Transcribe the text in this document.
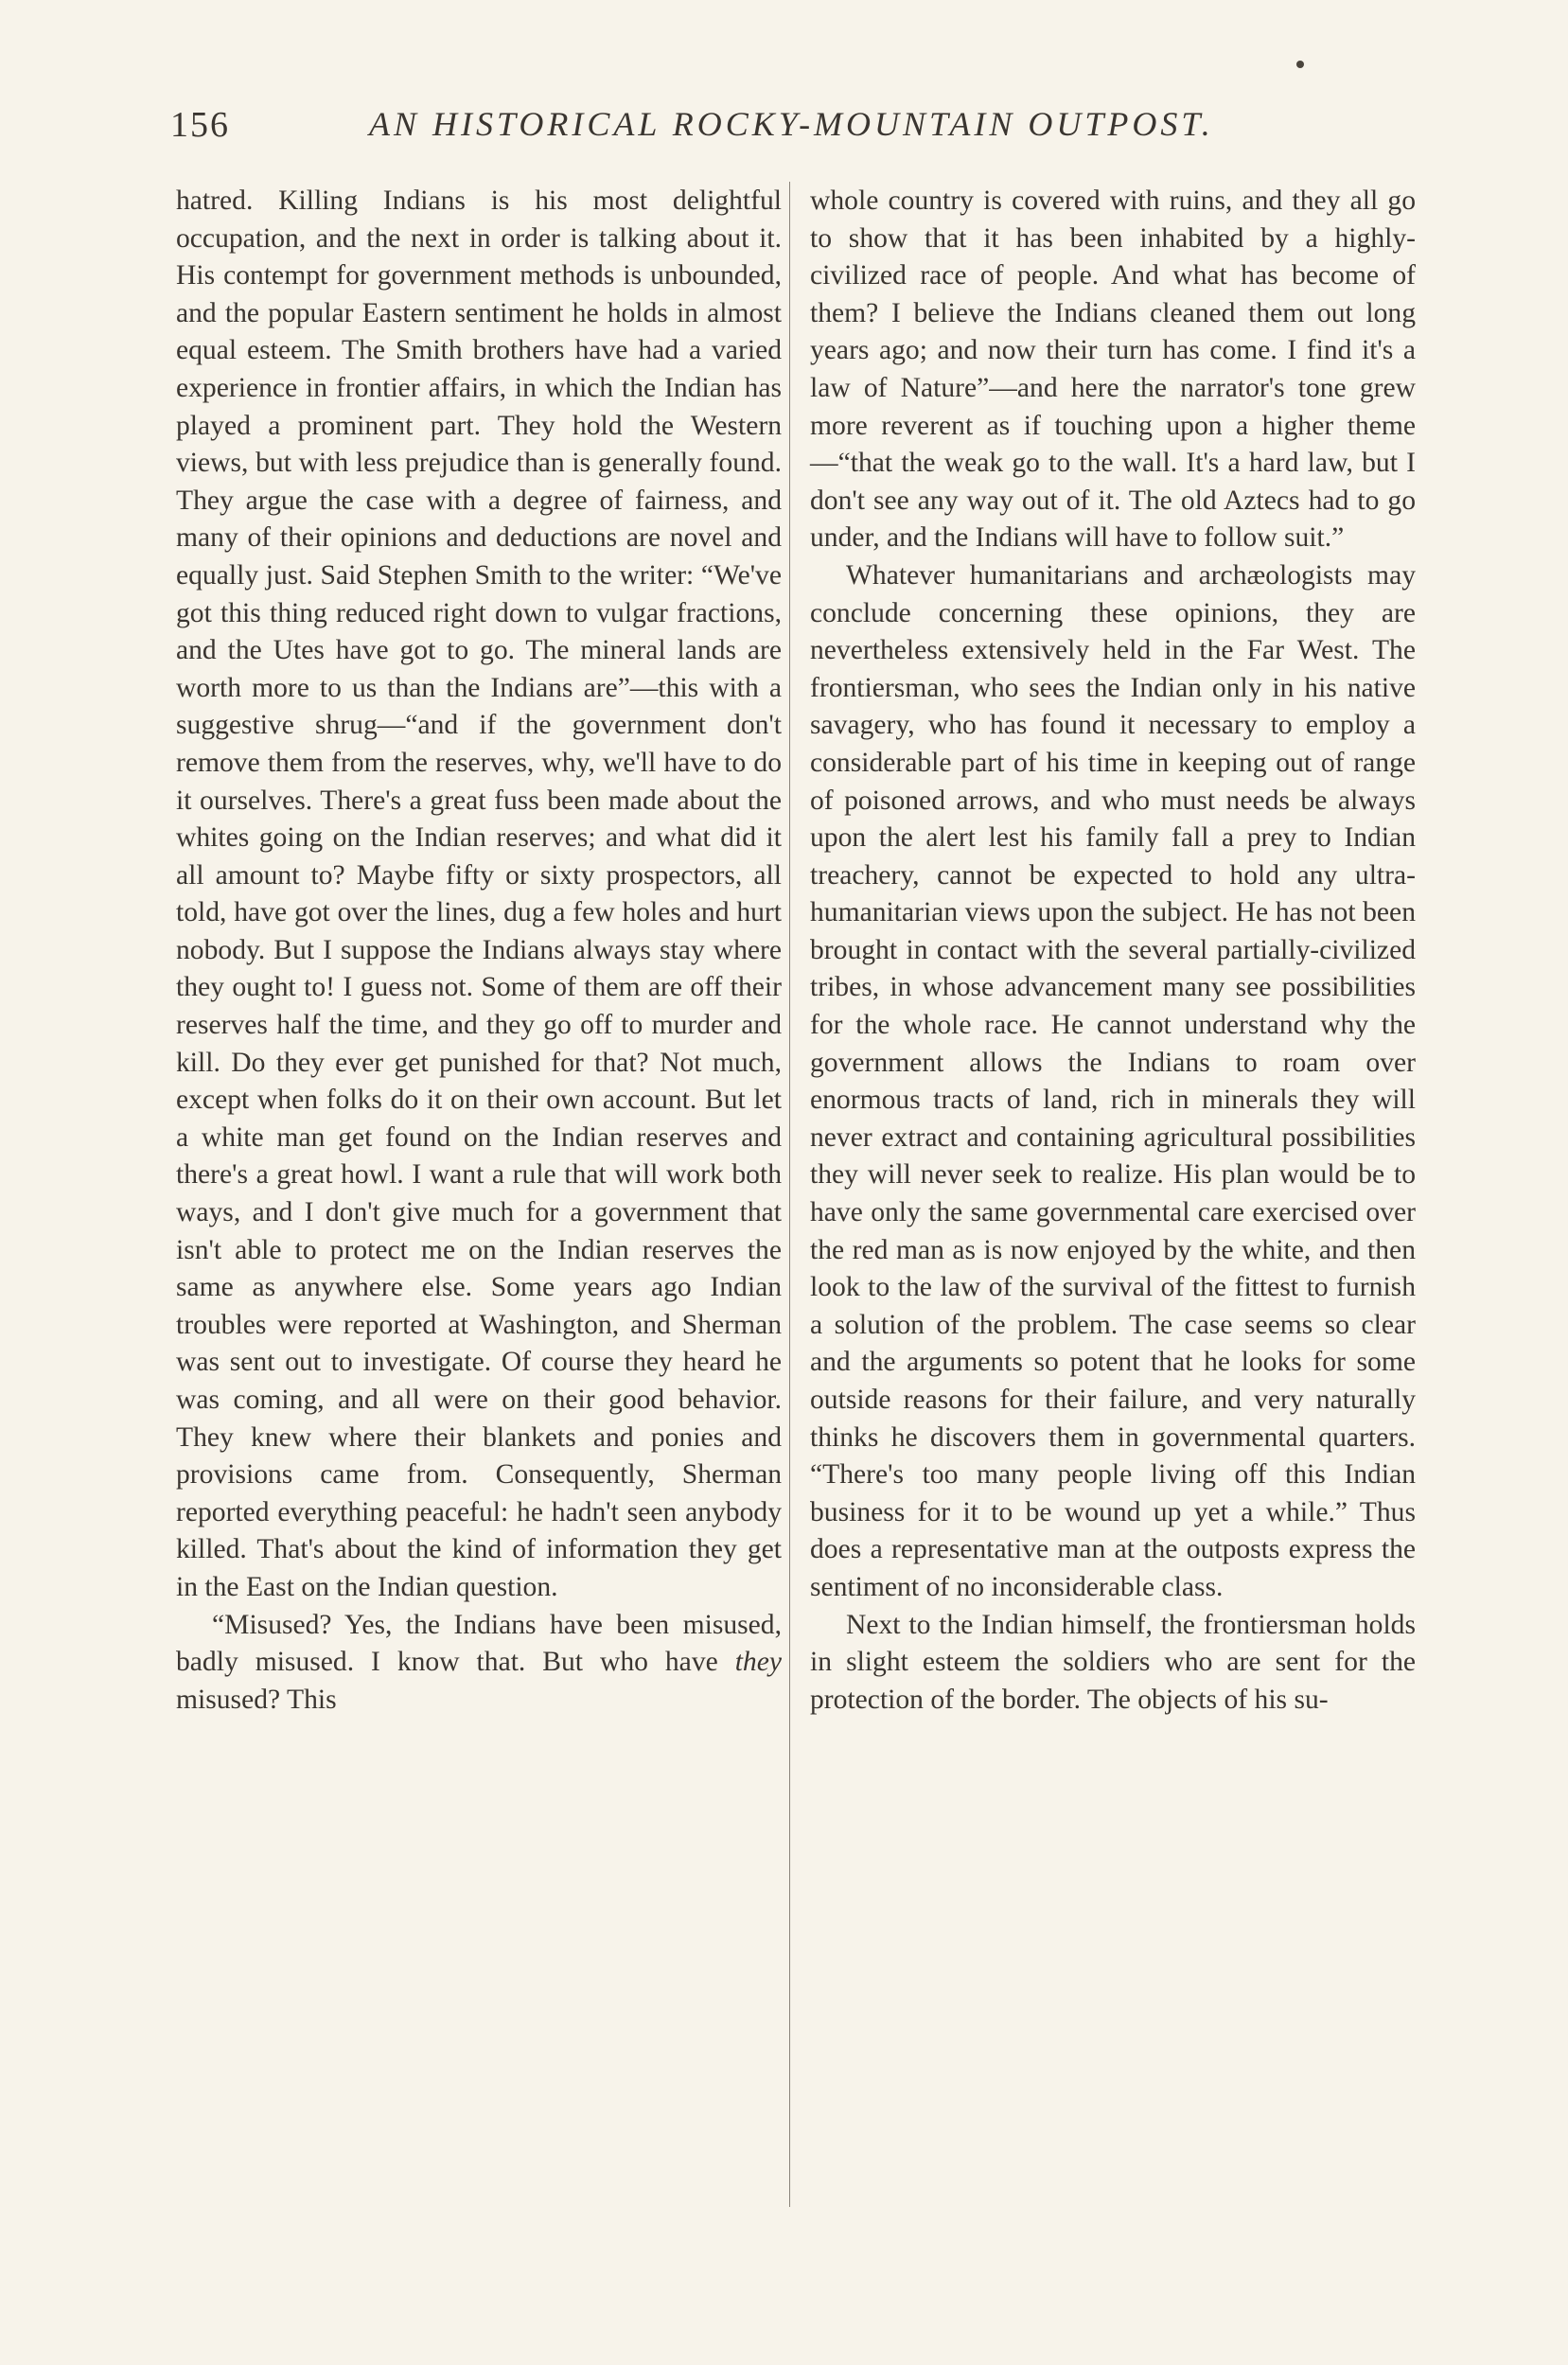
156	AN HISTORICAL ROCKY-MOUNTAIN OUTPOST.

hatred. Killing Indians is his most delightful occupation, and the next in order is talking about it. His contempt for government methods is unbounded, and the popular Eastern sentiment he holds in almost equal esteem. The Smith brothers have had a varied experience in frontier affairs, in which the Indian has played a prominent part. They hold the Western views, but with less prejudice than is generally found. They argue the case with a degree of fairness, and many of their opinions and deductions are novel and equally just. Said Stephen Smith to the writer: “We've got this thing reduced right down to vulgar fractions, and the Utes have got to go. The mineral lands are worth more to us than the Indians are”—this with a suggestive shrug—“and if the government don't remove them from the reserves, why, we'll have to do it ourselves. There's a great fuss been made about the whites going on the Indian reserves; and what did it all amount to? Maybe fifty or sixty prospectors, all told, have got over the lines, dug a few holes and hurt nobody. But I suppose the Indians always stay where they ought to! I guess not. Some of them are off their reserves half the time, and they go off to murder and kill. Do they ever get punished for that? Not much, except when folks do it on their own account. But let a white man get found on the Indian reserves and there's a great howl. I want a rule that will work both ways, and I don't give much for a government that isn't able to protect me on the Indian reserves the same as anywhere else. Some years ago Indian troubles were reported at Washington, and Sherman was sent out to investigate. Of course they heard he was coming, and all were on their good behavior. They knew where their blankets and ponies and provisions came from. Consequently, Sherman reported everything peaceful: he hadn't seen anybody killed. That's about the kind of information they get in the East on the Indian question.

“Misused? Yes, the Indians have been misused, badly misused. I know that. But who have they misused? This

whole country is covered with ruins, and they all go to show that it has been inhabited by a highly-civilized race of people. And what has become of them? I believe the Indians cleaned them out long years ago; and now their turn has come. I find it's a law of Nature”—and here the narrator's tone grew more reverent as if touching upon a higher theme—“that the weak go to the wall. It's a hard law, but I don't see any way out of it. The old Aztecs had to go under, and the Indians will have to follow suit.”

Whatever humanitarians and archæologists may conclude concerning these opinions, they are nevertheless extensively held in the Far West. The frontiersman, who sees the Indian only in his native savagery, who has found it necessary to employ a considerable part of his time in keeping out of range of poisoned arrows, and who must needs be always upon the alert lest his family fall a prey to Indian treachery, cannot be expected to hold any ultra-humanitarian views upon the subject. He has not been brought in contact with the several partially-civilized tribes, in whose advancement many see possibilities for the whole race. He cannot understand why the government allows the Indians to roam over enormous tracts of land, rich in minerals they will never extract and containing agricultural possibilities they will never seek to realize. His plan would be to have only the same governmental care exercised over the red man as is now enjoyed by the white, and then look to the law of the survival of the fittest to furnish a solution of the problem. The case seems so clear and the arguments so potent that he looks for some outside reasons for their failure, and very naturally thinks he discovers them in governmental quarters. “There's too many people living off this Indian business for it to be wound up yet a while.” Thus does a representative man at the outposts express the sentiment of no inconsiderable class.

Next to the Indian himself, the frontiersman holds in slight esteem the soldiers who are sent for the protection of the border. The objects of his su-
